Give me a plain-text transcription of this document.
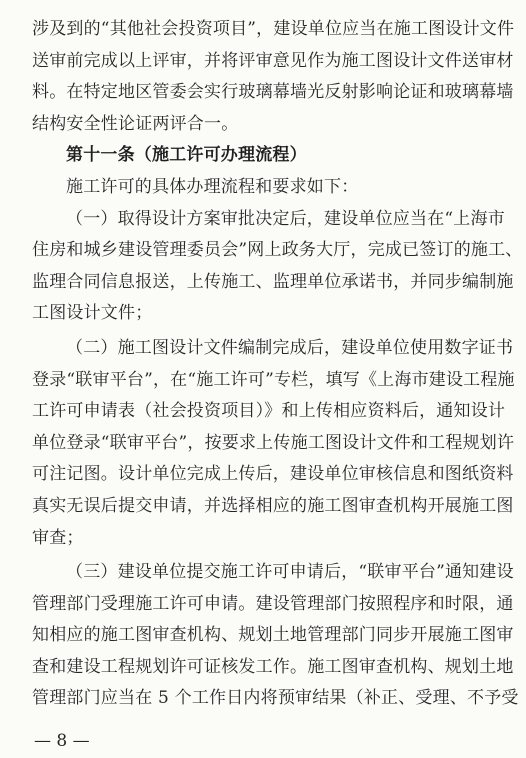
涉及到的“其他社会投资项目”，建设单位应当在施工图设计文件
送审前完成以上评审，并将评审意见作为施工图设计文件送审材
料。在特定地区管委会实行玻璃幕墙光反射影响论证和玻璃幕墙
结构安全性论证两评合一。
第十一条（施工许可办理流程）
施工许可的具体办理流程和要求如下：
（一）取得设计方案审批决定后，建设单位应当在“上海市
住房和城乡建设管理委员会”网上政务大厅，完成已签订的施工、
监理合同信息报送，上传施工、监理单位承诺书，并同步编制施
工图设计文件；
（二）施工图设计文件编制完成后，建设单位使用数字证书
登录“联审平台”，在“施工许可”专栏，填写《上海市建设工程施
工许可申请表（社会投资项目）》和上传相应资料后，通知设计
单位登录“联审平台”，按要求上传施工图设计文件和工程规划许
可注记图。设计单位完成上传后，建设单位审核信息和图纸资料
真实无误后提交申请，并选择相应的施工图审查机构开展施工图
审查；
（三）建设单位提交施工许可申请后，“联审平台”通知建设
管理部门受理施工许可申请。建设管理部门按照程序和时限，通
知相应的施工图审查机构、规划土地管理部门同步开展施工图审
查和建设工程规划许可证核发工作。施工图审查机构、规划土地
管理部门应当在 5 个工作日内将预审结果（补正、受理、不予受
— 8 —
